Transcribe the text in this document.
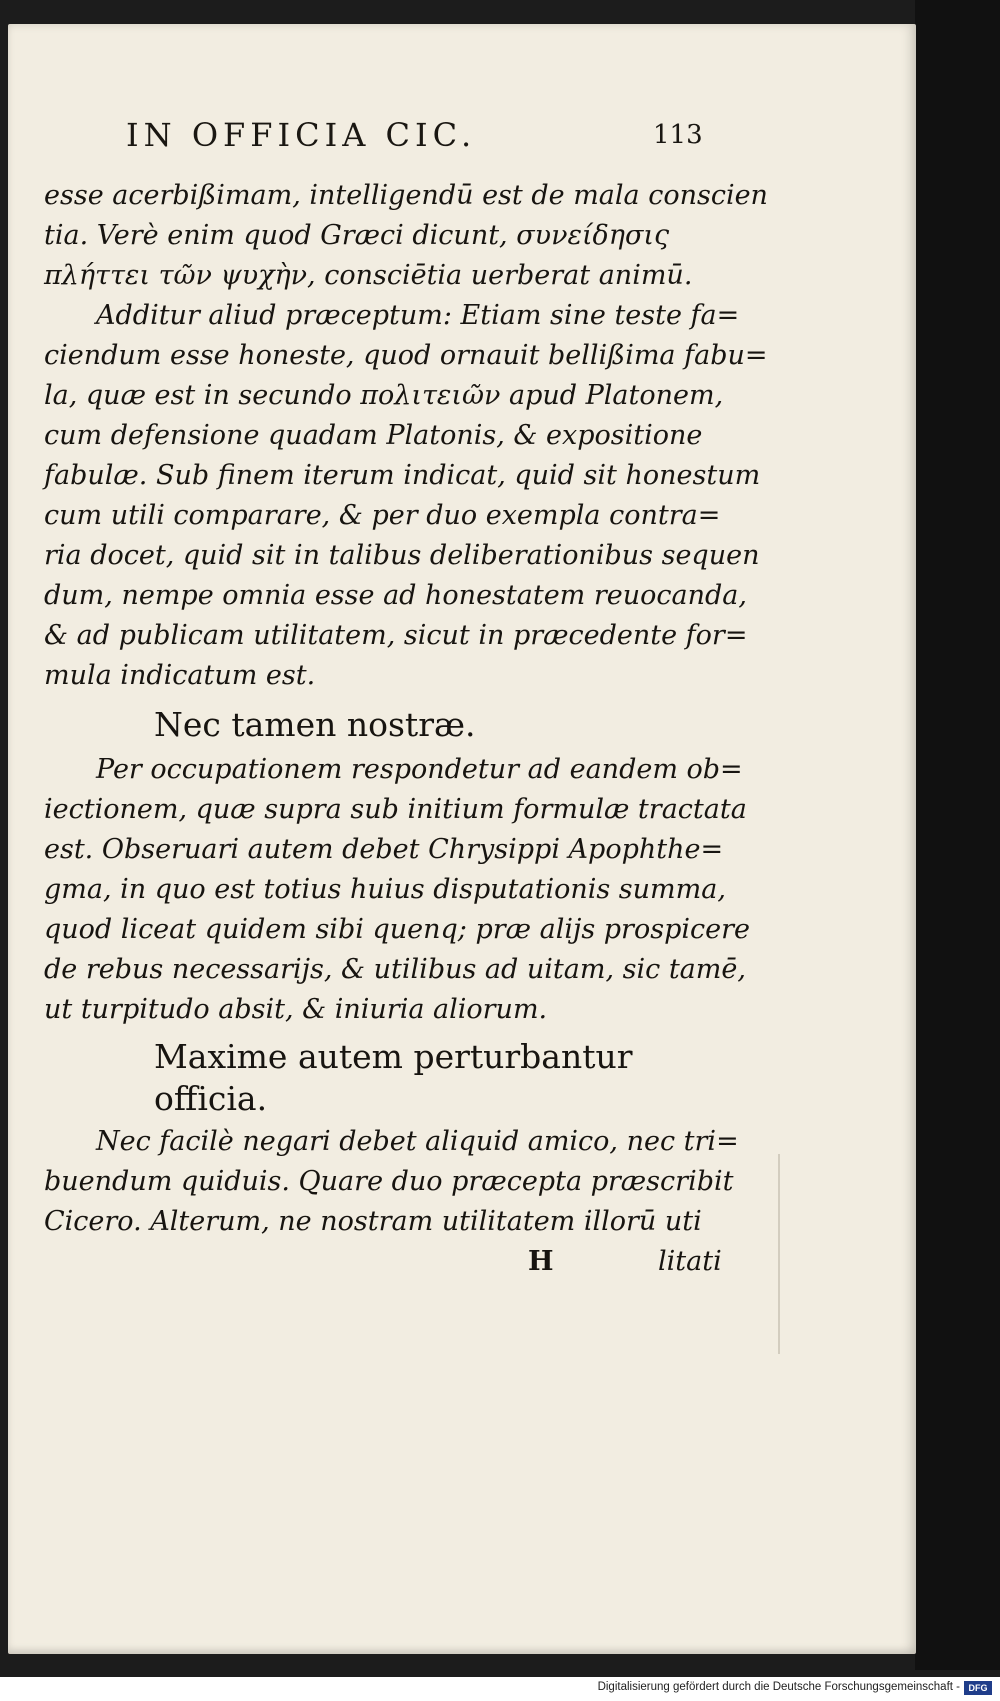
IN OFFICIA CIC.	113
esse acerbißimam, intelligendū est de mala conscien
tia. Verè enim quod Græci dicunt, συνείδησις
πλήττει τῶν ψυχὴν, consciētia uerberat animū.
Additur aliud præceptum: Etiam sine teste fa=
ciendum esse honeste, quod ornauit bellißima fabu=
la, quæ est in secundo πολιτειῶν apud Platonem,
cum defensione quadam Platonis, & expositione
fabulæ. Sub finem iterum indicat, quid sit honestum
cum utili comparare, & per duo exempla contra=
ria docet, quid sit in talibus deliberationibus sequen
dum, nempe omnia esse ad honestatem reuocanda,
& ad publicam utilitatem, sicut in præcedente for=
mula indicatum est.
Nec tamen nostræ.
Per occupationem respondetur ad eandem ob=
iectionem, quæ supra sub initium formulæ tractata
est. Obseruari autem debet Chrysippi Apophthe=
gma, in quo est totius huius disputationis summa,
quod liceat quidem sibi quenq; præ alijs prospicere
de rebus necessarijs, & utilibus ad uitam, sic tamē,
ut turpitudo absit, & iniuria aliorum.
Maxime autem perturbantur
officia.
Nec facilè negari debet aliquid amico, nec tri=
buendum quiduis. Quare duo præcepta præscribit
Cicero. Alterum, ne nostram utilitatem illorū uti
H	litati
Digitalisierung gefördert durch die Deutsche Forschungsgemeinschaft - DFG
